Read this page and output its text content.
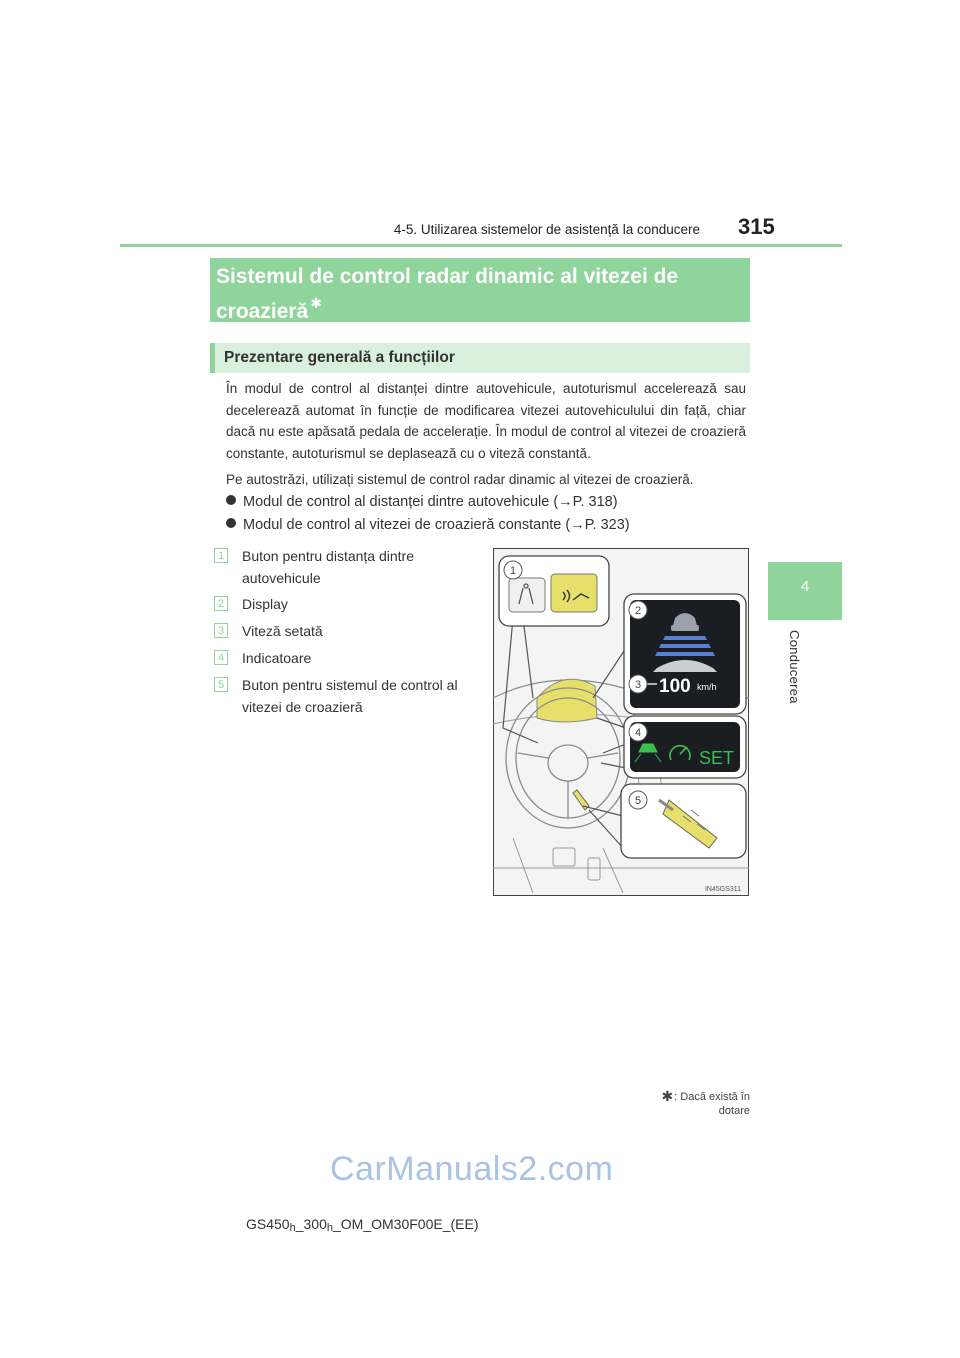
4-5. Utilizarea sistemelor de asistență la conducere 315
4
Conducerea
Sistemul de control radar dinamic al vitezei de croazieră ✱
Prezentare generală a funcțiilor

În modul de control al distanței dintre autovehicule, autoturismul accelerează sau decelerează automat în funcție de modificarea vitezei autovehiculului din față, chiar dacă nu este apăsată pedala de accelerație. În modul de control al vitezei de croazieră constante, autoturismul se deplasează cu o viteză constantă.

Pe autostrăzi, utilizați sistemul de control radar dinamic al vitezei de croazieră.

Modul de control al distanței dintre autovehicule (→P. 318)
Modul de control al vitezei de croazieră constante (→P. 323)
1 Buton pentru distanța dintre autovehicule
2 Display
3 Viteză setată
4 Indicatoare
5 Buton pentru sistemul de control al vitezei de croazieră
100 km/h
SET
1
2
3
4
5
IN45GS311
✱: Dacă există în dotare
CarManuals2.com
$GS450_h\_300_h\_OM\_OM30F00E\_(EE)$
